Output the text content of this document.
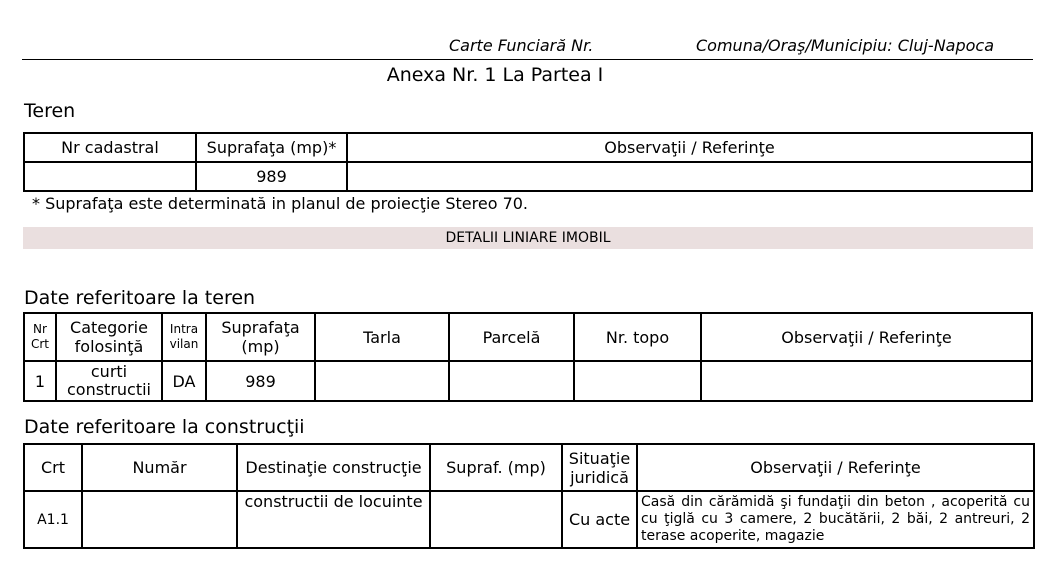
Carte Funciară Nr.	Comuna/Oraş/Municipiu: Cluj-Napoca
Anexa Nr. 1 La Partea I
Teren
Nr cadastral	Suprafaţa (mp)*	Observaţii / Referinţe
	989	
* Suprafaţa este determinată in planul de proiecţie Stereo 70.
DETALII LINIARE IMOBIL
Date referitoare la teren
Nr Crt	Categorie folosinţă	Intra vilan	Suprafaţa (mp)	Tarla	Parcelă	Nr. topo	Observaţii / Referinţe
1	curti constructii	DA	989				
Date referitoare la construcţii
Crt	Număr	Destinaţie construcţie	Supraf. (mp)	Situaţie juridică	Observaţii / Referinţe
A1.1		constructii de locuinte		Cu acte	Casă din cărămidă şi fundaţii din beton , acoperită cu cu ţiglă cu 3 camere, 2 bucătării, 2 băi, 2 antreuri, 2 terase acoperite, magazie
